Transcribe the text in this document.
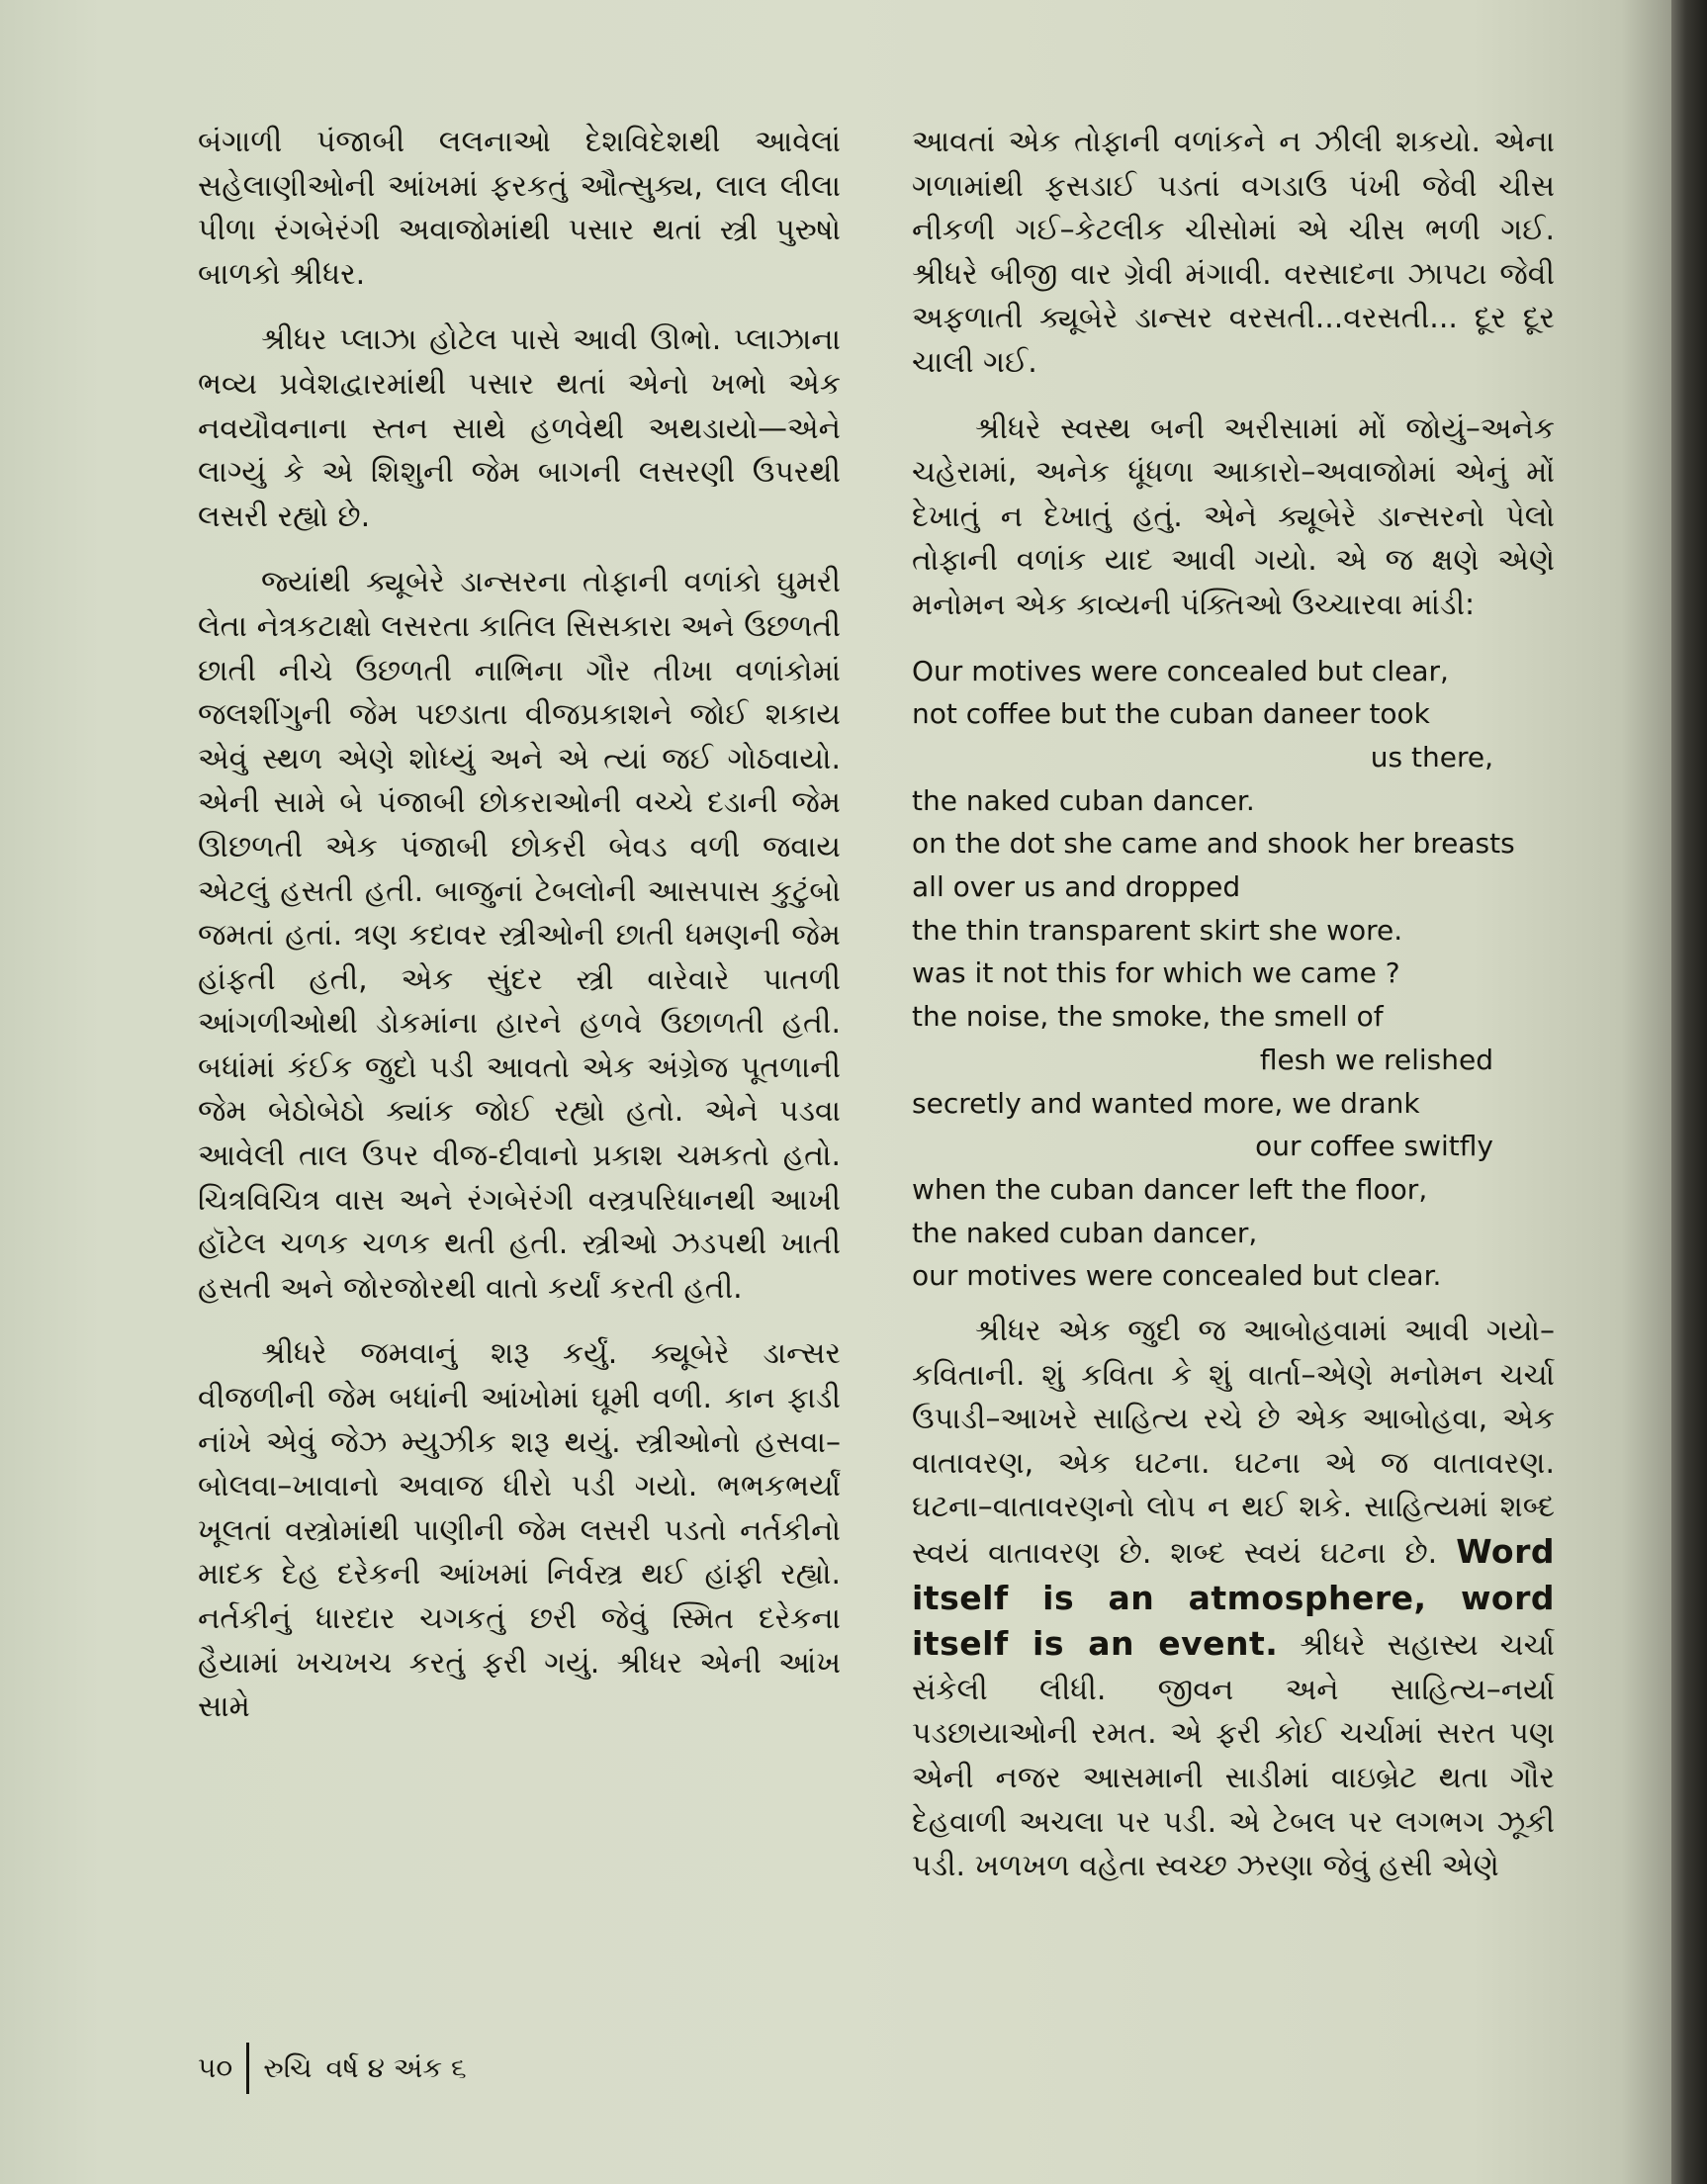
બંગાળી પંજાબી લલનાઓ દેશવિદેશથી આવેલાં સહેલાણીઓની આંખમાં ફરકતું ઔત્સુક્ય, લાલ લીલા પીળા રંગબેરંગી અવાજોમાંથી પસાર થતાં સ્ત્રી પુરુષો બાળકો શ્રીધર.

શ્રીધર પ્લાઝા હોટેલ પાસે આવી ઊભો. પ્લાઝાના ભવ્ય પ્રવેશદ્વારમાંથી પસાર થતાં એનો ખભો એક નવયૌવનાના સ્તન સાથે હળવેથી અથડાયો—એને લાગ્યું કે એ શિશુની જેમ બાગની લસરણી ઉપરથી લસરી રહ્યો છે.

જ્યાંથી ક્યૂબેરે ડાન્સરના તોફાની વળાંકો ઘુમરી લેતા નેત્રકટાક્ષો લસરતા કાતિલ સિસકારા અને ઉછળતી છાતી નીચે ઉછળતી નાભિના ગૌર તીખા વળાંકોમાં જલશીંગુની જેમ પછડાતા વીજપ્રકાશને જોઈ શકાય એવું સ્થળ એણે શોધ્યું અને એ ત્યાં જઈ ગોઠવાયો. એની સામે બે પંજાબી છોકરાઓની વચ્ચે દડાની જેમ ઊછળતી એક પંજાબી છોકરી બેવડ વળી જવાય એટલું હસતી હતી. બાજુનાં ટેબલોની આસપાસ કુટુંબો જમતાં હતાં. ત્રણ કદાવર સ્ત્રીઓની છાતી ધમણની જેમ હાંફતી હતી, એક સુંદર સ્ત્રી વારેવારે પાતળી આંગળીઓથી ડોકમાંના હારને હળવે ઉછાળતી હતી. બધાંમાં કંઈક જુદો પડી આવતો એક અંગ્રેજ પૂતળાની જેમ બેઠોબેઠો ક્યાંક જોઈ રહ્યો હતો. એને પડવા આવેલી તાલ ઉપર વીજ-દીવાનો પ્રકાશ ચમકતો હતો. ચિત્રવિચિત્ર વાસ અને રંગબેરંગી વસ્ત્રપરિધાનથી આખી હૉટેલ ચળક ચળક થતી હતી. સ્ત્રીઓ ઝડપથી ખાતી હસતી અને જોરજોરથી વાતો કર્યાં કરતી હતી.

શ્રીધરે જમવાનું શરૂ કર્યું. ક્યૂબેરે ડાન્સર વીજળીની જેમ બધાંની આંખોમાં ઘૂમી વળી. કાન ફાડી નાંખે એવું જેઝ મ્યુઝીક શરૂ થયું. સ્ત્રીઓનો હસવા–બોલવા–ખાવાનો અવાજ ધીરો પડી ગયો. ભભકભર્યાં ખૂલતાં વસ્ત્રોમાંથી પાણીની જેમ લસરી પડતો નર્તકીનો માદક દેહ દરેકની આંખમાં નિર્વસ્ત્ર થઈ હાંફી રહ્યો. નર્તકીનું ધારદાર ચગકતું છરી જેવું સ્મિત દરેકના હૈયામાં ખચખચ કરતું ફરી ગયું. શ્રીધર એની આંખ સામે

આવતાં એક તોફાની વળાંકને ન ઝીલી શકયો. એના ગળામાંથી ફસડાઈ પડતાં વગડાઉ પંખી જેવી ચીસ નીકળી ગઈ–કેટલીક ચીસોમાં એ ચીસ ભળી ગઈ. શ્રીધરે બીજી વાર ગ્રેવી મંગાવી. વરસાદના ઝાપટા જેવી અફળાતી ક્યૂબેરે ડાન્સર વરસતી...વરસતી... દૂર દૂર ચાલી ગઈ.

શ્રીધરે સ્વસ્થ બની અરીસામાં મોં જોયું–અનેક ચહેરામાં, અનેક ધૂંધળા આકારો–અવાજોમાં એનું મોં દેખાતું ન દેખાતું હતું. એને ક્યૂબેરે ડાન્સરનો પેલો તોફાની વળાંક યાદ આવી ગયો. એ જ ક્ષણે એણે મનોમન એક કાવ્યની પંક્તિઓ ઉચ્ચારવા માંડી:

Our motives were concealed but clear,
not coffee but the cuban daneer took
us there,
the naked cuban dancer.
on the dot she came and shook her breasts
all over us and dropped
the thin transparent skirt she wore.
was it not this for which we came ?
the noise, the smoke, the smell of
flesh we relished
secretly and wanted more, we drank
our coffee switfly
when the cuban dancer left the floor,
the naked cuban dancer,
our motives were concealed but clear.

શ્રીધર એક જુદી જ આબોહવામાં આવી ગયો–કવિતાની. શું કવિતા કે શું વાર્તા–એણે મનોમન ચર્ચા ઉપાડી–આખરે સાહિત્ય રચે છે એક આબોહવા, એક વાતાવરણ, એક ઘટના. ઘટના એ જ વાતાવરણ. ઘટના–વાતાવરણનો લોપ ન થઈ શકે. સાહિત્યમાં શબ્દ સ્વયં વાતાવરણ છે. શબ્દ સ્વયં ઘટના છે. Word itself is an atmosphere, word itself is an event. શ્રીધરે સહાસ્ય ચર્ચા સંકેલી લીધી. જીવન અને સાહિત્ય–નર્યા પડછાયાઓની રમત. એ ફરી કોઈ ચર્ચામાં સરત પણ એની નજર આસમાની સાડીમાં વાઇબ્રેટ થતા ગૌર દેહવાળી અચલા પર પડી. એ ટેબલ પર લગભગ ઝૂકી પડી. ખળખળ વહેતા સ્વચ્છ ઝરણા જેવું હસી એણે

૫૦ રુચિ વર્ષ ૪ અંક ૬
